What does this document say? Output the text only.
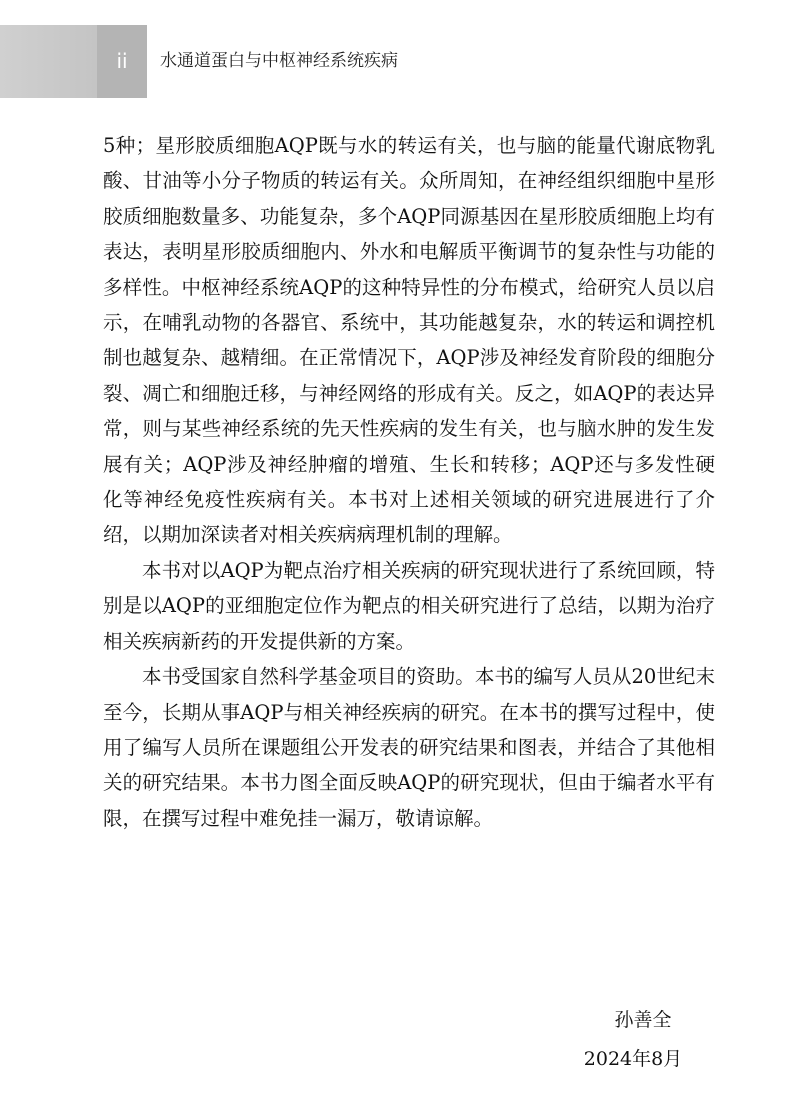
ii	水通道蛋白与中枢神经系统疾病

5种；星形胶质细胞AQP既与水的转运有关，也与脑的能量代谢底物乳酸、甘油等小分子物质的转运有关。众所周知，在神经组织细胞中星形胶质细胞数量多、功能复杂，多个AQP同源基因在星形胶质细胞上均有表达，表明星形胶质细胞内、外水和电解质平衡调节的复杂性与功能的多样性。中枢神经系统AQP的这种特异性的分布模式，给研究人员以启示，在哺乳动物的各器官、系统中，其功能越复杂，水的转运和调控机制也越复杂、越精细。在正常情况下，AQP涉及神经发育阶段的细胞分裂、凋亡和细胞迁移，与神经网络的形成有关。反之，如AQP的表达异常，则与某些神经系统的先天性疾病的发生有关，也与脑水肿的发生发展有关；AQP涉及神经肿瘤的增殖、生长和转移；AQP还与多发性硬化等神经免疫性疾病有关。本书对上述相关领域的研究进展进行了介绍，以期加深读者对相关疾病病理机制的理解。

本书对以AQP为靶点治疗相关疾病的研究现状进行了系统回顾，特别是以AQP的亚细胞定位作为靶点的相关研究进行了总结，以期为治疗相关疾病新药的开发提供新的方案。

本书受国家自然科学基金项目的资助。本书的编写人员从20世纪末至今，长期从事AQP与相关神经疾病的研究。在本书的撰写过程中，使用了编写人员所在课题组公开发表的研究结果和图表，并结合了其他相关的研究结果。本书力图全面反映AQP的研究现状，但由于编者水平有限，在撰写过程中难免挂一漏万，敬请谅解。

孙善全
2024年8月
